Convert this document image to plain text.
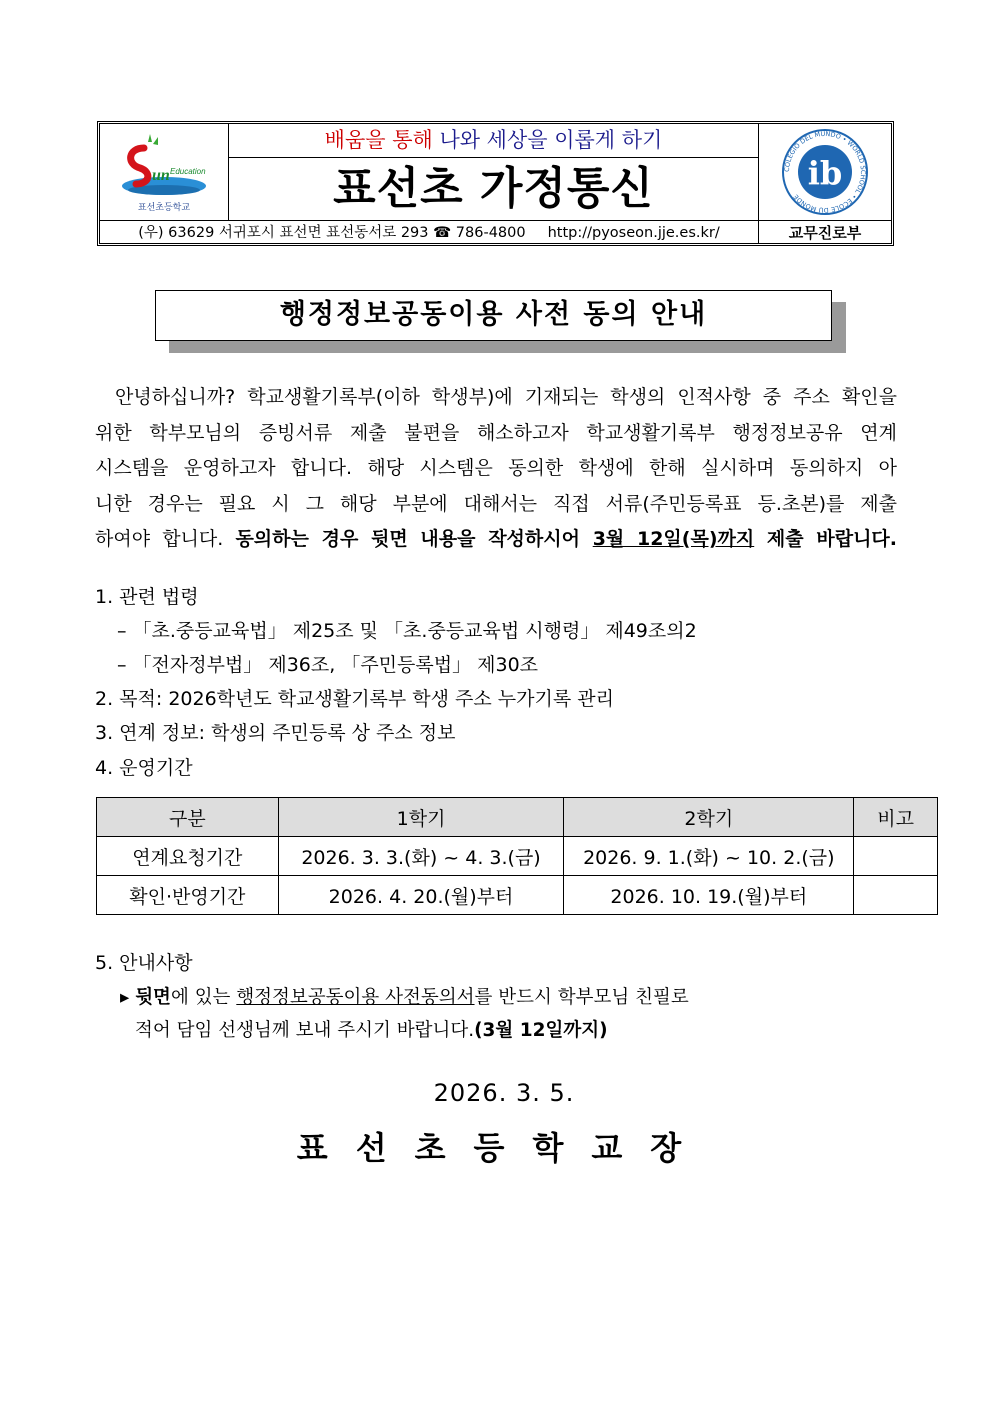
un Education
표선초등학교
배움을 통해 나와 세상을 이롭게 하기
표선초 가정통신	ib
COLEGIO DEL MUNDO • WORLD SCHOOL • ÉCOLE DU MONDE
(우) 63629 서귀포시 표선면 표선동서로 293 ☎ 786-4800 http://pyoseon.jje.es.kr/	교무진로부
행정정보공동이용 사전 동의 안내
안녕하십니까? 학교생활기록부(이하 학생부)에 기재되는 학생의 인적사항 중 주소 확인을
위한 학부모님의 증빙서류 제출 불편을 해소하고자 학교생활기록부 행정정보공유 연계
시스템을 운영하고자 합니다. 해당 시스템은 동의한 학생에 한해 실시하며 동의하지 아
니한 경우는 필요 시 그 해당 부분에 대해서는 직접 서류(주민등록표 등.초본)를 제출
하여야 합니다. 동의하는 경우 뒷면 내용을 작성하시어 3월 12일(목)까지 제출 바랍니다.
1. 관련 법령
– 「초.중등교육법」 제25조 및 「초.중등교육법 시행령」 제49조의2
– 「전자정부법」 제36조, 「주민등록법」 제30조
2. 목적: 2026학년도 학교생활기록부 학생 주소 누가기록 관리
3. 연계 정보: 학생의 주민등록 상 주소 정보
4. 운영기간
구분	1학기	2학기	비고
연계요청기간	2026. 3. 3.(화) ~ 4. 3.(금)	2026. 9. 1.(화) ~ 10. 2.(금)	
확인·반영기간	2026. 4. 20.(월)부터	2026. 10. 19.(월)부터	
5. 안내사항
▸ 뒷면에 있는 행정정보공동이용 사전동의서를 반드시 학부모님 친필로
적어 담임 선생님께 보내 주시기 바랍니다.(3월 12일까지)
2026. 3. 5.
표선초등학교장
